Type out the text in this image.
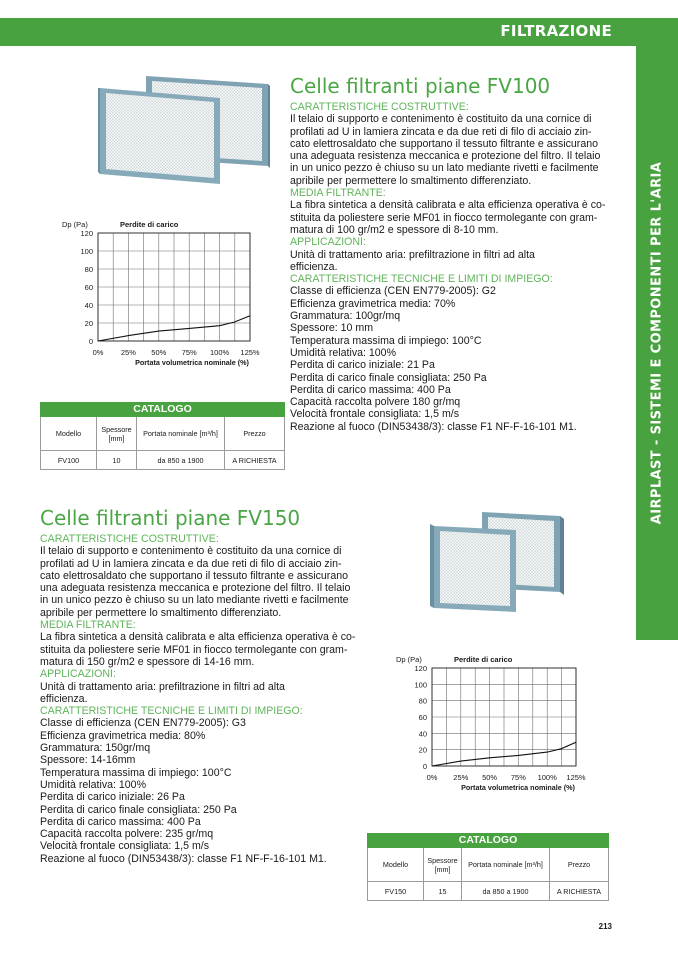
FILTRAZIONE
AIRPLAST - SISTEMI E COMPONENTI PER L'ARIA
0
20
40
60
80
100
120
0% 25% 50% 75% 100% 125%
Dp (Pa)	Perdite di carico
Portata volumetrica nominale (%)
CATALOGO			
Modello	Spessore [mm]	Portata nominale [m³/h]	Prezzo
FV100	10	da 850 a 1900	A RICHIESTA
Celle filtranti piane FV100
CARATTERISTICHE COSTRUTTIVE:
Il telaio di supporto e contenimento è costituito da una cornice di
profilati ad U in lamiera zincata e da due reti di filo di acciaio zin-
cato elettrosaldato che supportano il tessuto filtrante e assicurano
una adeguata resistenza meccanica e protezione del filtro. Il telaio
in un unico pezzo è chiuso su un lato mediante rivetti e facilmente
apribile per permettere lo smaltimento differenziato.
MEDIA FILTRANTE:
La fibra sintetica a densità calibrata e alta efficienza operativa è co-
stituita da poliestere serie MF01 in fiocco termolegante con gram-
matura di 100 gr/m2 e spessore di 8-10 mm.
APPLICAZIONI:
Unità di trattamento aria: prefiltrazione in filtri ad alta
efficienza.
CARATTERISTICHE TECNICHE E LIMITI DI IMPIEGO:
Classe di efficienza (CEN EN779-2005): G2
Efficienza gravimetrica media: 70%
Grammatura: 100gr/mq
Spessore: 10 mm
Temperatura massima di impiego: 100°C
Umidità relativa: 100%
Perdita di carico iniziale: 21 Pa
Perdita di carico finale consigliata: 250 Pa
Perdita di carico massima: 400 Pa
Capacità raccolta polvere 180 gr/mq
Velocità frontale consigliata: 1,5 m/s
Reazione al fuoco (DIN53438/3): classe F1 NF-F-16-101 M1.
Celle filtranti piane FV150
CARATTERISTICHE COSTRUTTIVE:
Il telaio di supporto e contenimento è costituito da una cornice di
profilati ad U in lamiera zincata e da due reti di filo di acciaio zin-
cato elettrosaldato che supportano il tessuto filtrante e assicurano
una adeguata resistenza meccanica e protezione del filtro. Il telaio
in un unico pezzo è chiuso su un lato mediante rivetti e facilmente
apribile per permettere lo smaltimento differenziato.
MEDIA FILTRANTE:
La fibra sintetica a densità calibrata e alta efficienza operativa è co-
stituita da poliestere serie MF01 in fiocco termolegante con gram-
matura di 150 gr/m2 e spessore di 14-16 mm.
APPLICAZIONI:
Unità di trattamento aria: prefiltrazione in filtri ad alta
efficienza.
CARATTERISTICHE TECNICHE E LIMITI DI IMPIEGO:
Classe di efficienza (CEN EN779-2005): G3
Efficienza gravimetrica media: 80%
Grammatura: 150gr/mq
Spessore: 14-16mm
Temperatura massima di impiego: 100°C
Umidità relativa: 100%
Perdita di carico iniziale: 26 Pa
Perdita di carico finale consigliata: 250 Pa
Perdita di carico massima: 400 Pa
Capacità raccolta polvere: 235 gr/mq
Velocità frontale consigliata: 1,5 m/s
Reazione al fuoco (DIN53438/3): classe F1 NF-F-16-101 M1.
0
20
40
60
80
100
120
0% 25% 50% 75% 100% 125%
Dp (Pa)	Perdite di carico
Portata volumetrica nominale (%)
CATALOGO			
Modello	Spessore [mm]	Portata nominale [m³/h]	Prezzo
FV150	15	da 850 a 1900	A RICHIESTA
213
